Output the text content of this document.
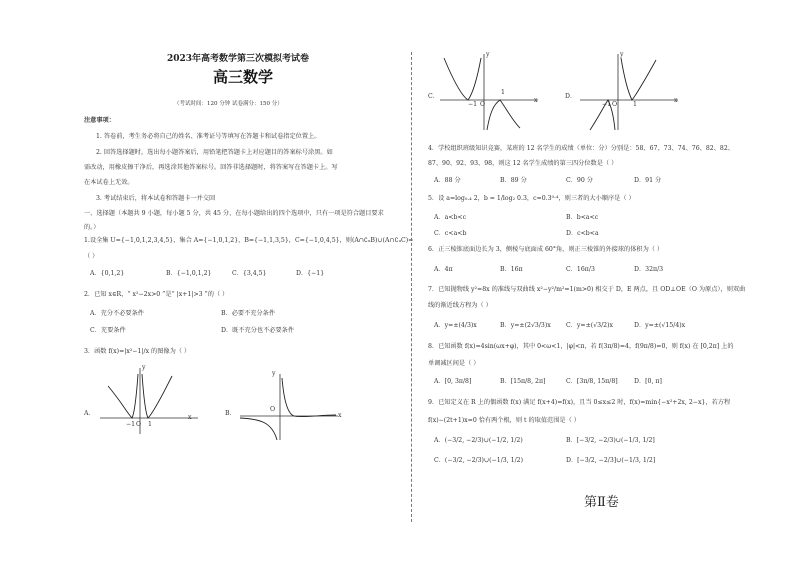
2023年高考数学第三次模拟考试卷
高三数学
（考试时间：120 分钟 试卷满分：150 分）
注意事项：
1. 答卷前，考生务必将自己的姓名、准考证号等填写在答题卡和试卷指定位置上。
2. 回答选择题时，选出每小题答案后，用铅笔把答题卡上对应题目的答案标号涂黑。如
需改动，用橡皮擦干净后，再选涂其他答案标号。回答非选择题时，将答案写在答题卡上。写
在本试卷上无效。
3. 考试结束后，将本试卷和答题卡一并交回
一、选择题（本题共 9 小题，每小题 5 分，共 45 分，在每小题给出的四个选项中，只有一项是符合题目要求
的。）
1.设全集 U={−1,0,1,2,3,4,5}，集合 A={−1,0,1,2}，B={−1,1,3,5}，C={−1,0,4,5}，则(A∩∁ᵤB)∪(A∩∁ᵤC)=
（ ）
A．{0,1,2}	B．{−1,0,1,2}	C．{3,4,5}	D．{−1}
2．已知 x∈R，“ x²−2x>0 ”是“ |x+1|>3 ”的（ ）
A．充分不必要条件	B．必要不充分条件
C．充要条件	D．既不充分也不必要条件
3．函数 f(x)=|x²−1|/x 的图像为（ ）
A．
−1 O 1
x
y
B．
O
x
y
C．
−1 O
1
x
y
D．
−1 O	1
x
y
4．学校组织班级知识竞赛，某班的 12 名学生的成绩（单位：分）分别是：58、67、73、74、76、82、82、
87、90、92、93、98，则这 12 名学生成绩的第三四分位数是（ ）
A．88 分	B．89 分	C．90 分	D．91 分
5．设 a=log₀.₄ 2，b = 1/log₂ 0.3，c=0.3⁰·⁴，则三者的大小顺序是（ ）
A．a<b<c	B．b<a<c
C．c<a<b	D．c<b<a
6．正三棱锥底面边长为 3，侧棱与底面成 60°角，则正三棱锥的外接球的体积为（ ）
A．4π	B．16π	C．16π/3	D．32π/3
7．已知抛物线 y²=8x 的准线与双曲线 x²−y²/m²=1(m>0) 相交于 D，E 两点，且 OD⊥OE（O 为原点），则双曲
线的渐近线方程为（ ）
A．y=±(4/3)x	B．y=±(2√3/3)x C．y=±(√3/2)x	D．y=±(√15/4)x
8．已知函数 f(x)=4sin(ωx+φ)，其中 0<ω<1，|φ|<π，若 f(3π/8)=4，f(9π/8)=0，则 f(x) 在 [0,2π] 上的
单调减区间是（ ）
A．[0, 3π/8]	B．[15π/8, 2π]	C．[3π/8, 15π/8]	D．[0, π]
9．已知定义在 R 上的偶函数 f(x) 满足 f(x+4)=f(x)，且当 0≤x≤2 时，f(x)=min{−x²+2x, 2−x}，若方程
f(x)−(2t+1)x=0 恰有两个根，则 t 的取值范围是（ ）
A．(−3/2, −2/3)∪(−1/2, 1/2)	B．[−3/2, −2/3)∪(−1/3, 1/2]
C．(−3/2, −2/3)∪(−1/3, 1/2)	D．[−3/2, −2/3]∪(−1/3, 1/2]
第Ⅱ卷
